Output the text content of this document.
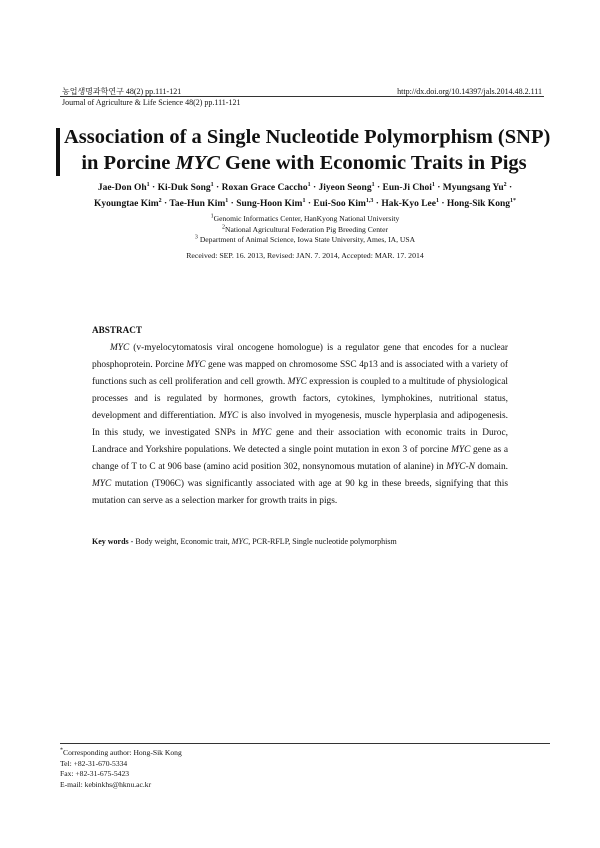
농업생명과학연구 48(2) pp.111-121	http://dx.doi.org/10.14397/jals.2014.48.2.111
Journal of Agriculture & Life Science 48(2) pp.111-121
Association of a Single Nucleotide Polymorphism (SNP)
in Porcine MYC Gene with Economic Traits in Pigs
Jae-Don $Oh^1 \cdot Ki-Duk$ Song$^1$ · Roxan Grace Caccho$^1$ · Jiyeon Seong$^1$ · Eun-Ji Choi$^1$ · Myungsang $Yu^2$ ·
Kyoungtae Kim$^2$ · Tae-Hun Kim$^1$ · Sung-Hoon Kim$^1$ · Eui-Soo Kim$^{1,3}$ · Hak-Kyo Lee$^1$ · Hong-Sik Kong$^{1*}$
$^1$Genomic Informatics Center, HanKyong National University
$^2$National Agricultural Federation Pig Breeding Center
$^3$ Department of Animal Science, Iowa State University, Ames, IA, USA
Received: SEP. 16. 2013, Revised: JAN. 7. 2014, Accepted: MAR. 17. 2014
ABSTRACT
MYC (v-myelocytomatosis viral oncogene homologue) is a regulator gene that encodes for a nuclear phosphoprotein. Porcine MYC gene was mapped on chromosome SSC 4p13 and is associated with a variety of functions such as cell proliferation and cell growth. MYC expression is coupled to a multitude of physiological processes and is regulated by hormones, growth factors, cytokines, lymphokines, nutritional status, development and differentiation. MYC is also involved in myogenesis, muscle hyperplasia and adipogenesis. In this study, we investigated SNPs in MYC gene and their association with economic traits in Duroc, Landrace and Yorkshire populations. We detected a single point mutation in exon 3 of porcine MYC gene as a change of T to C at 906 base (amino acid position 302, nonsynomous mutation of alanine) in MYC-N domain. MYC mutation (T906C) was significantly associated with age at 90 kg in these breeds, signifying that this mutation can serve as a selection marker for growth traits in pigs.
Key words - Body weight, Economic trait, MYC, PCR-RFLP, Single nucleotide polymorphism
*Corresponding author: Hong-Sik Kong
Tel: +82-31-670-5334
Fax: +82-31-675-5423
E-mail: kebinkhs@hknu.ac.kr
